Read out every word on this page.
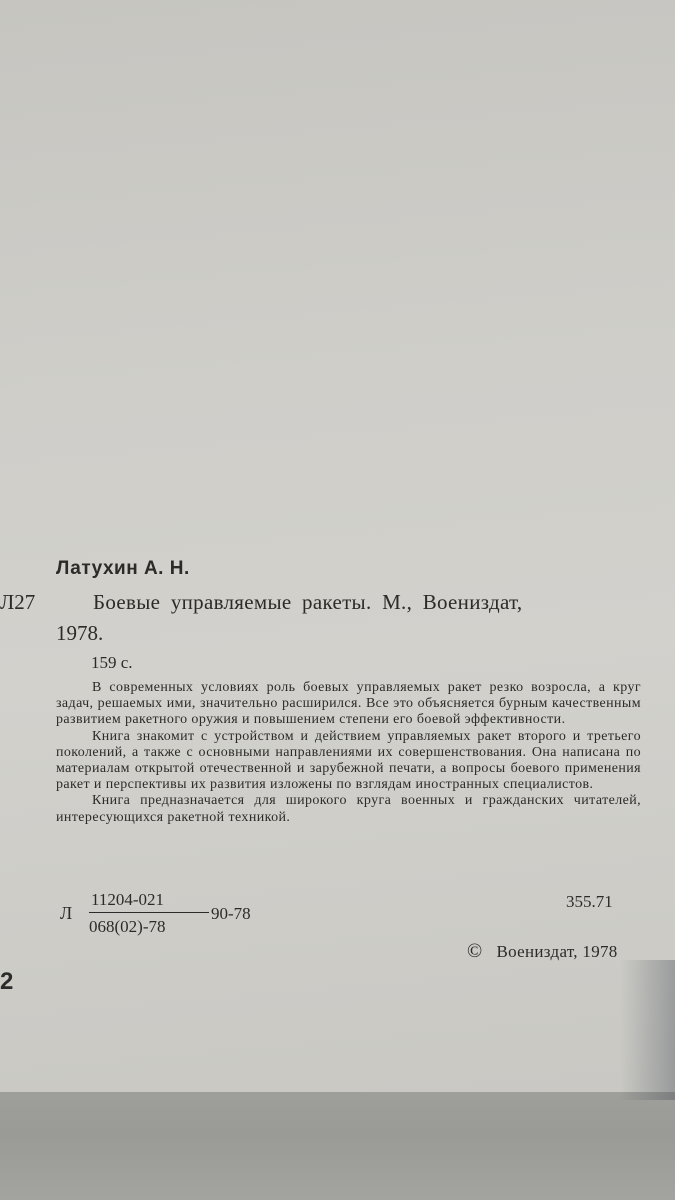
Латухин А. Н.
Л27	Боевые управляемые ракеты. М., Воениздат,
1978.
159 с.

В современных условиях роль боевых управляемых ракет резко возросла, а круг задач, решаемых ими, значительно расширился. Все это объясняется бурным качественным развитием ракетного оружия и повышением степени его боевой эффективности.

Книга знакомит с устройством и действием управляемых ракет второго и третьего поколений, а также с основными направлениями их совершенствования. Она написана по материалам открытой отечественной и зарубежной печати, а вопросы боевого применения ракет и перспективы их развития изложены по взглядам иностранных специалистов.

Книга предназначается для широкого круга военных и гражданских читателей, интересующихся ракетной техникой.

Л
11204-021
068(02)-78
90-78
355.71
© Воениздат, 1978
2
